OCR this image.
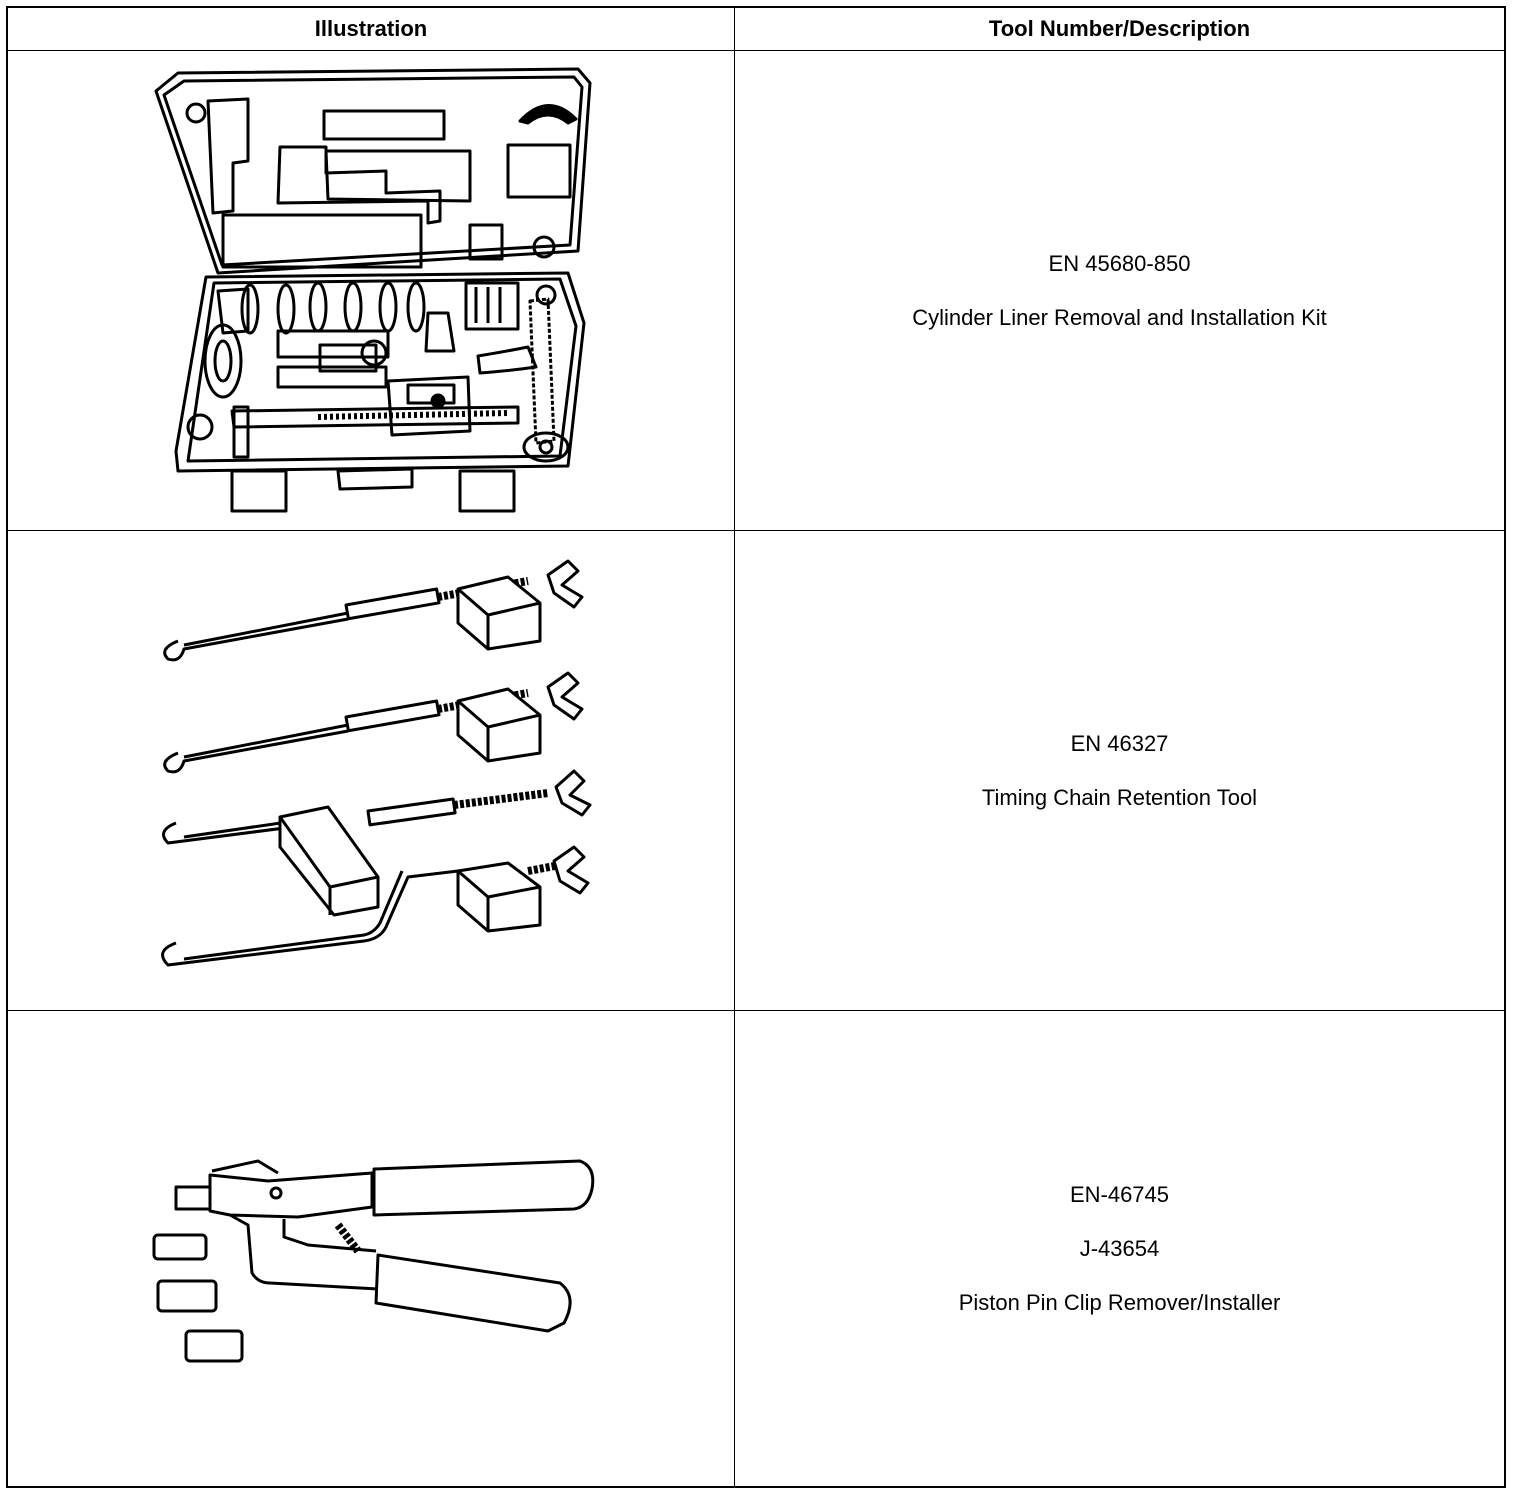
Illustration	Tool Number/Description

EN 45680-850

Cylinder Liner Removal and Installation Kit

EN 46327

Timing Chain Retention Tool

EN-46745

J-43654

Piston Pin Clip Remover/Installer
